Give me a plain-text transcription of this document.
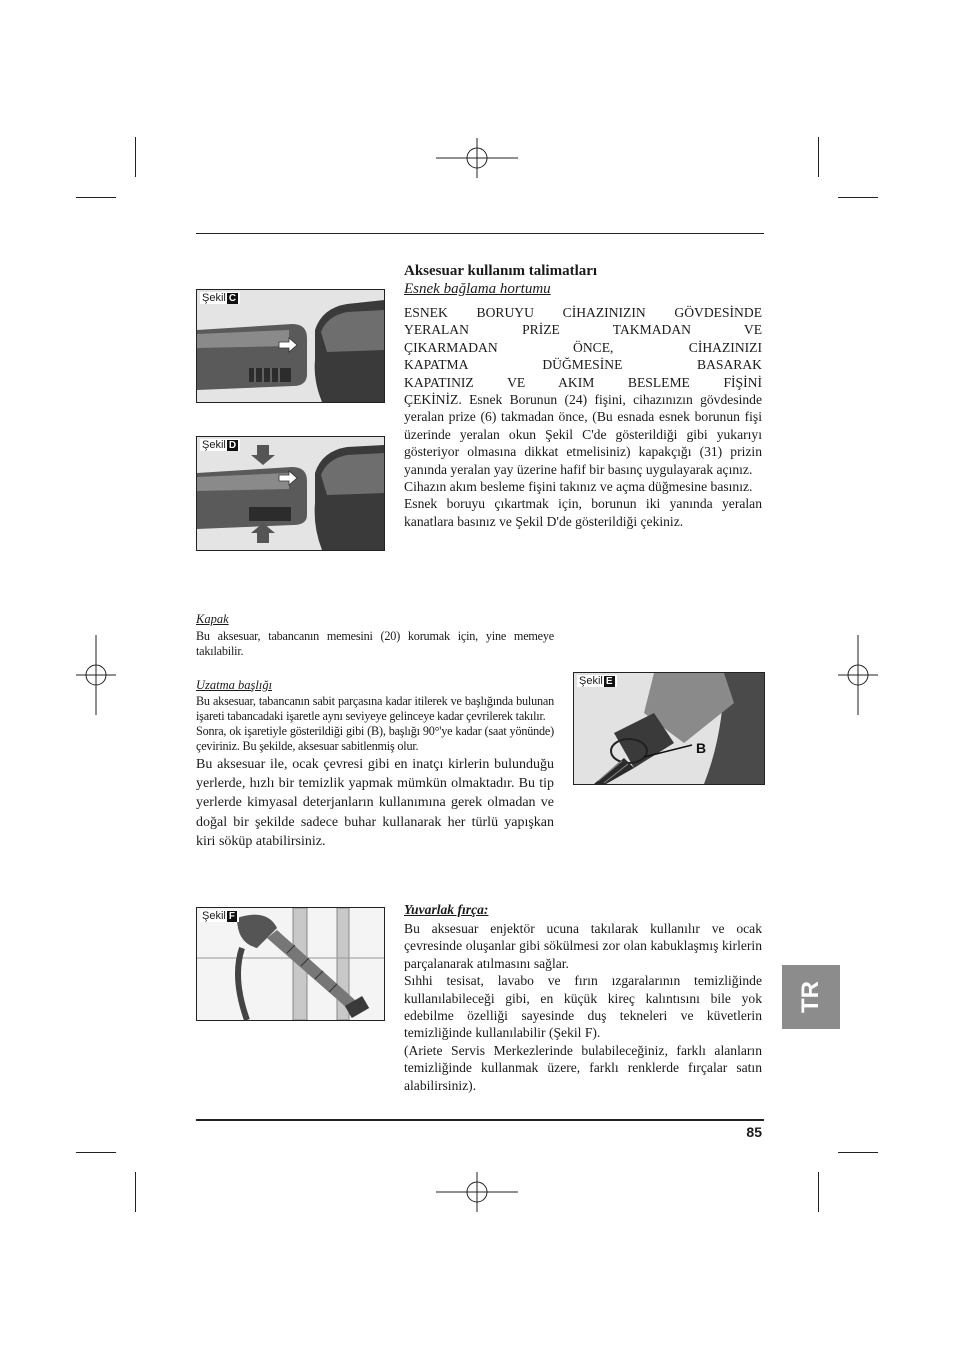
Aksesuar kullanım talimatları
Esnek bağlama hortumu

ESNEK BORUYU CİHAZINIZIN GÖVDESİNDE

YERALAN PRİZE TAKMADAN VE

ÇIKARMADAN ÖNCE, CİHAZINIZI

KAPATMA DÜĞMESİNE BASARAK

KAPATINIZ VE AKIM BESLEME FİŞİNİ

ÇEKİNİZ. Esnek Borunun (24) fişini, cihazınızın gövdesinde yeralan prize (6) takmadan önce, (Bu esnada esnek borunun fişi üzerinde yeralan okun Şekil C'de gösterildiği gibi yukarıyı gösteriyor olmasına dikkat etmelisiniz) kapakçığı (31) prizin yanında yeralan yay üzerine hafif bir basınç uygulayarak açınız.

Cihazın akım besleme fişini takınız ve açma düğmesine basınız.

Esnek boruyu çıkartmak için, borunun iki yanında yeralan kanatlara basınız ve Şekil D'de gösterildiği çekiniz.

Şekil C
Şekil D
Kapak
Bu aksesuar, tabancanın memesini (20) korumak için, yine memeye takılabilir.
Uzatma başlığı

Bu aksesuar, tabancanın sabit parçasına kadar itilerek ve başlığında bulunan işareti tabancadaki işaretle aynı seviyeye gelinceye kadar çevrilerek takılır.

Sonra, ok işaretiyle gösterildiği gibi (B), başlığı 90°'ye kadar (saat yönünde) çeviriniz. Bu şekilde, aksesuar sabitlenmiş olur.

Bu aksesuar ile, ocak çevresi gibi en inatçı kirlerin bulunduğu yerlerde, hızlı bir temizlik yapmak mümkün olmaktadır. Bu tip yerlerde kimyasal deterjanların kullanımına gerek olmadan ve doğal bir şekilde sadece buhar kullanarak her türlü yapışkan kiri söküp atabilirsiniz.

Şekil E
B
Yuvarlak fırça:

Bu aksesuar enjektör ucuna takılarak kullanılır ve ocak çevresinde oluşanlar gibi sökülmesi zor olan kabuklaşmış kirlerin parçalanarak atılmasını sağlar.

Sıhhi tesisat, lavabo ve fırın ızgaralarının temizliğinde kullanılabileceği gibi, en küçük kireç kalıntısını bile yok edebilme özelliği sayesinde duş tekneleri ve küvetlerin temizliğinde kullanılabilir (Şekil F).

(Ariete Servis Merkezlerinde bulabileceğiniz, farklı alanların temizliğinde kullanmak üzere, farklı renklerde fırçalar satın alabilirsiniz).

Şekil F
TR
85
